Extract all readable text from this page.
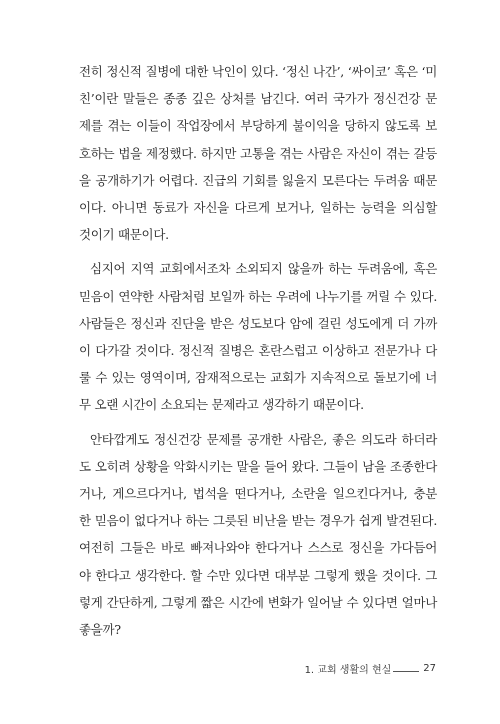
전히 정신적 질병에 대한 낙인이 있다. ‘정신 나간’, ‘싸이코’ 혹은 ‘미
친’이란 말들은 종종 깊은 상처를 남긴다. 여러 국가가 정신건강 문
제를 겪는 이들이 작업장에서 부당하게 불이익을 당하지 않도록 보
호하는 법을 제정했다. 하지만 고통을 겪는 사람은 자신이 겪는 갈등
을 공개하기가 어렵다. 진급의 기회를 잃을지 모른다는 두려움 때문
이다. 아니면 동료가 자신을 다르게 보거나, 일하는 능력을 의심할
것이기 때문이다.
심지어 지역 교회에서조차 소외되지 않을까 하는 두려움에, 혹은
믿음이 연약한 사람처럼 보일까 하는 우려에 나누기를 꺼릴 수 있다.
사람들은 정신과 진단을 받은 성도보다 암에 걸린 성도에게 더 가까
이 다가갈 것이다. 정신적 질병은 혼란스럽고 이상하고 전문가나 다
룰 수 있는 영역이며, 잠재적으로는 교회가 지속적으로 돌보기에 너
무 오랜 시간이 소요되는 문제라고 생각하기 때문이다.
안타깝게도 정신건강 문제를 공개한 사람은, 좋은 의도라 하더라
도 오히려 상황을 악화시키는 말을 들어 왔다. 그들이 남을 조종한다
거나, 게으르다거나, 법석을 떤다거나, 소란을 일으킨다거나, 충분
한 믿음이 없다거나 하는 그릇된 비난을 받는 경우가 쉽게 발견된다.
여전히 그들은 바로 빠져나와야 한다거나 스스로 정신을 가다듬어
야 한다고 생각한다. 할 수만 있다면 대부분 그렇게 했을 것이다. 그
렇게 간단하게, 그렇게 짧은 시간에 변화가 일어날 수 있다면 얼마나
좋을까?
1. 교회 생활의 현실	27
